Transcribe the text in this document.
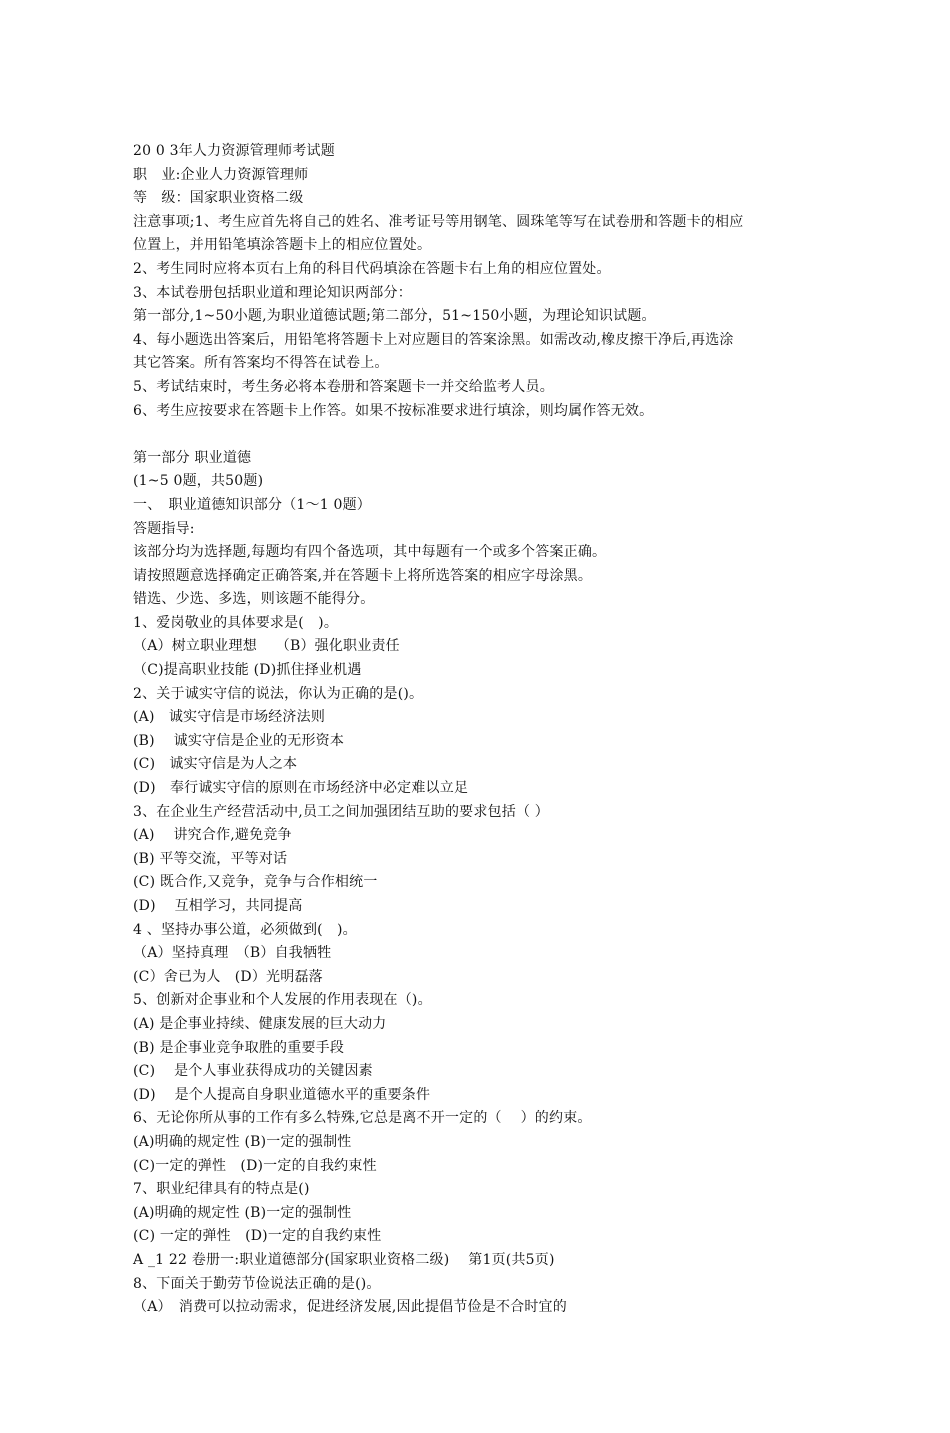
20 0 3年人力资源管理师考试题
职　业:企业人力资源管理师
等　级：国家职业资格二级
注意事项;1、考生应首先将自己的姓名、准考证号等用钢笔、圆珠笔等写在试卷册和答题卡的相应
位置上，并用铅笔填涂答题卡上的相应位置处。
2、考生同时应将本页右上角的科目代码填涂在答题卡右上角的相应位置处。
3、本试卷册包括职业道和理论知识两部分：
第一部分,1~50小题,为职业道德试题;第二部分，51~150小题，为理论知识试题。
4、每小题选出答案后，用铅笔将答题卡上对应题目的答案涂黑。如需改动,橡皮擦干净后,再选涂
其它答案。所有答案均不得答在试卷上。
5、考试结束时，考生务必将本卷册和答案题卡一并交给监考人员。
6、考生应按要求在答题卡上作答。如果不按标准要求进行填涂，则均属作答无效。
第一部分 职业道德
(1~5 0题，共50题)
一、　职业道德知识部分（1～1 0题）
答题指导:
该部分均为选择题,每题均有四个备选项，其中每题有一个或多个答案正确。
请按照题意选择确定正确答案,并在答题卡上将所选答案的相应字母涂黑。
错选、少选、多选，则该题不能得分。
1、爱岗敬业的具体要求是(　)。
（A）树立职业理想　 （B）强化职业责任
（C)提高职业技能 (D)抓住择业机遇
2、关于诚实守信的说法，你认为正确的是()。
(A)　诚实守信是市场经济法则
(B)　 诚实守信是企业的无形资本
(C)　诚实守信是为人之本
(D)　奉行诚实守信的原则在市场经济中必定难以立足
3、在企业生产经营活动中,员工之间加强团结互助的要求包括（ ）
(A)　 讲究合作,避免竞争
(B) 平等交流，平等对话
(C) 既合作,又竞争，竞争与合作相统一
(D)　 互相学习，共同提高
4 、坚持办事公道，必须做到(　)。
（A）坚持真理　（B）自我牺牲
(C）舍已为人　(D）光明磊落
5、创新对企事业和个人发展的作用表现在（)。
(A) 是企事业持续、健康发展的巨大动力
(B) 是企事业竞争取胜的重要手段
(C)　 是个人事业获得成功的关键因素
(D)　 是个人提高自身职业道德水平的重要条件
6、无论你所从事的工作有多么特殊,它总是离不开一定的（　 ）的约束。
(A)明确的规定性 (B)一定的强制性
(C)一定的弹性　(D)一定的自我约束性
7、职业纪律具有的特点是()
(A)明确的规定性 (B)一定的强制性
(C) 一定的弹性　(D)一定的自我约束性
A _1 22 卷册一:职业道德部分(国家职业资格二级)　 第1页(共5页)
8、下面关于勤劳节俭说法正确的是()。
（A）　消费可以拉动需求，促进经济发展,因此提倡节俭是不合时宜的
